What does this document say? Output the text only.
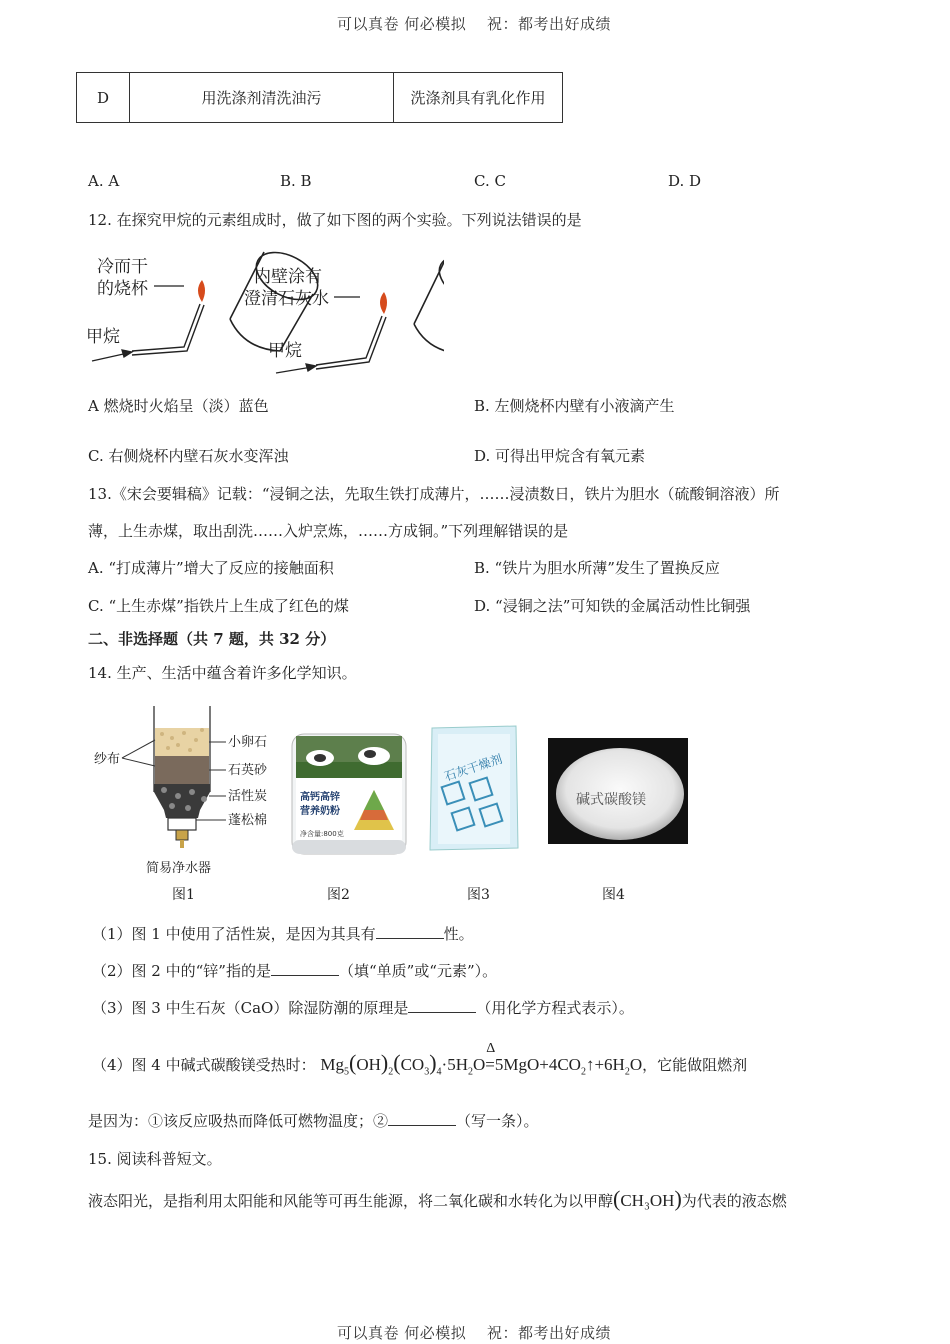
可以真卷 何必模拟　 祝：都考出好成绩
D	用洗涤剂清洗油污	洗涤剂具有乳化作用
A. A	B. B	C. C	D. D
12. 在探究甲烷的元素组成时，做了如下图的两个实验。下列说法错误的是
冷而干
的烧杯
甲烷
内壁涂有
澄清石灰水
甲烷
A 燃烧时火焰呈（淡）蓝色	B. 左侧烧杯内壁有小液滴产生
C. 右侧烧杯内壁石灰水变浑浊	D. 可得出甲烷含有氧元素
13.《宋会要辑稿》记载：“浸铜之法，先取生铁打成薄片，……浸渍数日，铁片为胆水（硫酸铜溶液）所
薄，上生赤煤，取出刮洗……入炉烹炼，……方成铜。”下列理解错误的是
A. “打成薄片”增大了反应的接触面积	B. “铁片为胆水所薄”发生了置换反应
C. “上生赤煤”指铁片上生成了红色的煤	D. “浸铜之法”可知铁的金属活动性比铜强
二、非选择题（共 7 题，共 32 分）
14. 生产、生活中蕴含着许多化学知识。
纱布
小卵石
石英砂
活性炭
蓬松棉
简易净水器
图1
高钙高锌
营养奶粉
净含量:800克
图2
石灰干燥剂
图3
碱式碳酸镁
图4
（1）图 1 中使用了活性炭，是因为其具有	性。
（2）图 2 中的“锌”指的是	（填“单质”或“元素”）。
（3）图 3 中生石灰（CaO）除湿防潮的原理是	（用化学方程式表示）。
（4）图 4 中碱式碳酸镁受热时： $Mg_5(OH)_2(CO_3)_4\cdot 5H_2O$
Δ
$=5MgO+4CO_2↑+6H_2O$，它能做阻燃剂
是因为：①该反应吸热而降低可燃物温度；②	（写一条）。
15. 阅读科普短文。
液态阳光，是指利用太阳能和风能等可再生能源，将二氧化碳和水转化为以甲醇(CH₃OH)为代表的液态燃
可以真卷 何必模拟　 祝：都考出好成绩
